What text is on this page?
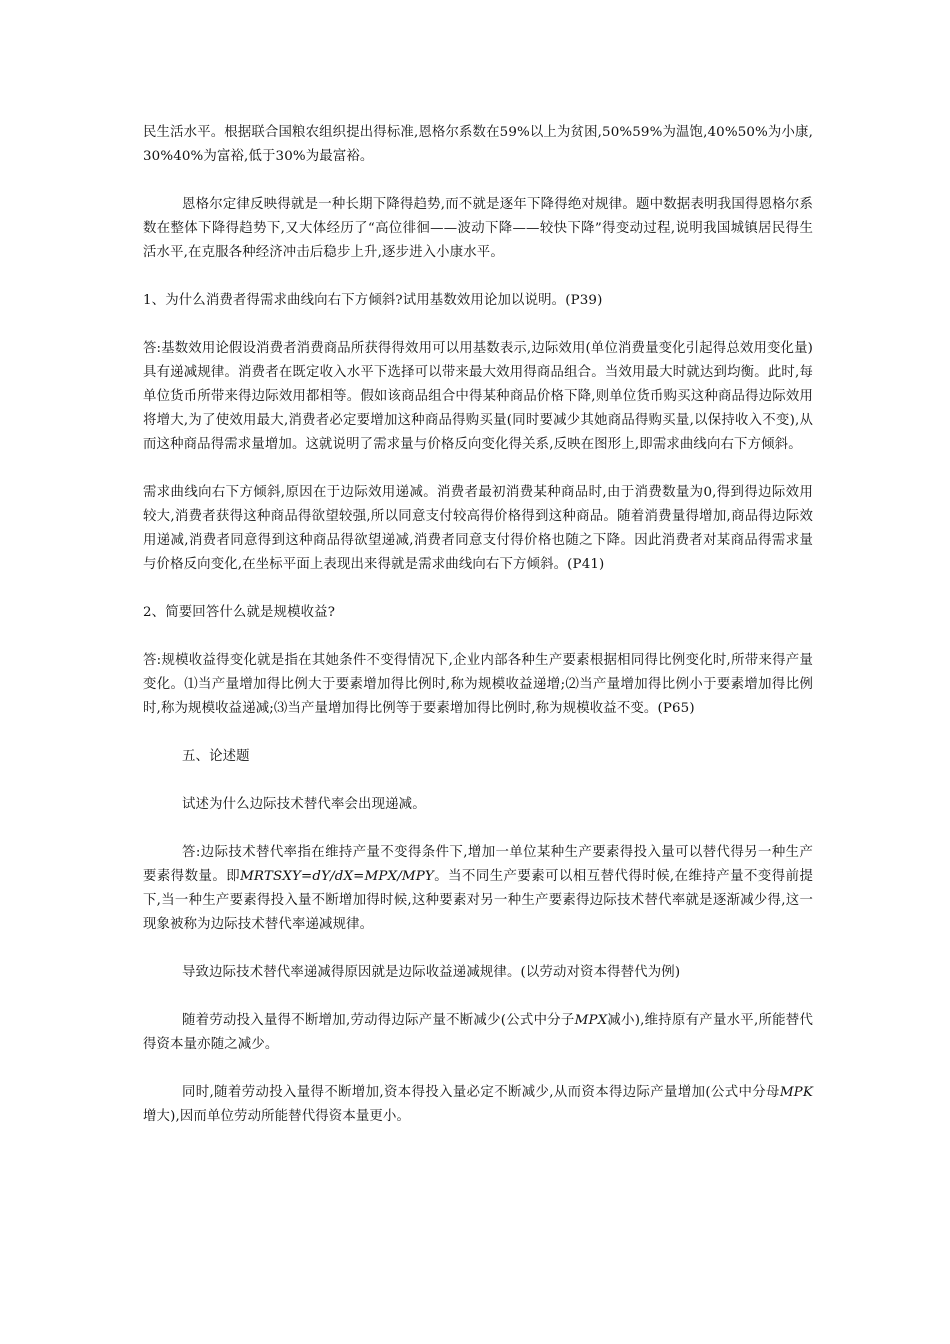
民生活水平。根据联合国粮农组织提出得标准,恩格尔系数在59%以上为贫困,50%59%为温饱,40%50%为小康,30%40%为富裕,低于30%为最富裕。

恩格尔定律反映得就是一种长期下降得趋势,而不就是逐年下降得绝对规律。题中数据表明我国得恩格尔系数在整体下降得趋势下,又大体经历了“高位徘徊——波动下降——较快下降”得变动过程,说明我国城镇居民得生活水平,在克服各种经济冲击后稳步上升,逐步进入小康水平。

1、为什么消费者得需求曲线向右下方倾斜?试用基数效用论加以说明。(P39)

答:基数效用论假设消费者消费商品所获得得效用可以用基数表示,边际效用(单位消费量变化引起得总效用变化量)具有递减规律。消费者在既定收入水平下选择可以带来最大效用得商品组合。当效用最大时就达到均衡。此时,每单位货币所带来得边际效用都相等。假如该商品组合中得某种商品价格下降,则单位货币购买这种商品得边际效用将增大,为了使效用最大,消费者必定要增加这种商品得购买量(同时要减少其她商品得购买量,以保持收入不变),从而这种商品得需求量增加。这就说明了需求量与价格反向变化得关系,反映在图形上,即需求曲线向右下方倾斜。

需求曲线向右下方倾斜,原因在于边际效用递减。消费者最初消费某种商品时,由于消费数量为0,得到得边际效用较大,消费者获得这种商品得欲望较强,所以同意支付较高得价格得到这种商品。随着消费量得增加,商品得边际效用递减,消费者同意得到这种商品得欲望递减,消费者同意支付得价格也随之下降。因此消费者对某商品得需求量与价格反向变化,在坐标平面上表现出来得就是需求曲线向右下方倾斜。(P41)

2、简要回答什么就是规模收益?

答:规模收益得变化就是指在其她条件不变得情况下,企业内部各种生产要素根据相同得比例变化时,所带来得产量变化。⑴当产量增加得比例大于要素增加得比例时,称为规模收益递增;⑵当产量增加得比例小于要素增加得比例时,称为规模收益递减;⑶当产量增加得比例等于要素增加得比例时,称为规模收益不变。(P65)

五、论述题

试述为什么边际技术替代率会出现递减。

答:边际技术替代率指在维持产量不变得条件下,增加一单位某种生产要素得投入量可以替代得另一种生产要素得数量。即MRTSXY=dY/dX=MPX/MPY。当不同生产要素可以相互替代得时候,在维持产量不变得前提下,当一种生产要素得投入量不断增加得时候,这种要素对另一种生产要素得边际技术替代率就是逐渐减少得,这一现象被称为边际技术替代率递减规律。

导致边际技术替代率递减得原因就是边际收益递减规律。(以劳动对资本得替代为例)

随着劳动投入量得不断增加,劳动得边际产量不断减少(公式中分子MPX减小),维持原有产量水平,所能替代得资本量亦随之减少。

同时,随着劳动投入量得不断增加,资本得投入量必定不断减少,从而资本得边际产量增加(公式中分母MPK增大),因而单位劳动所能替代得资本量更小。
